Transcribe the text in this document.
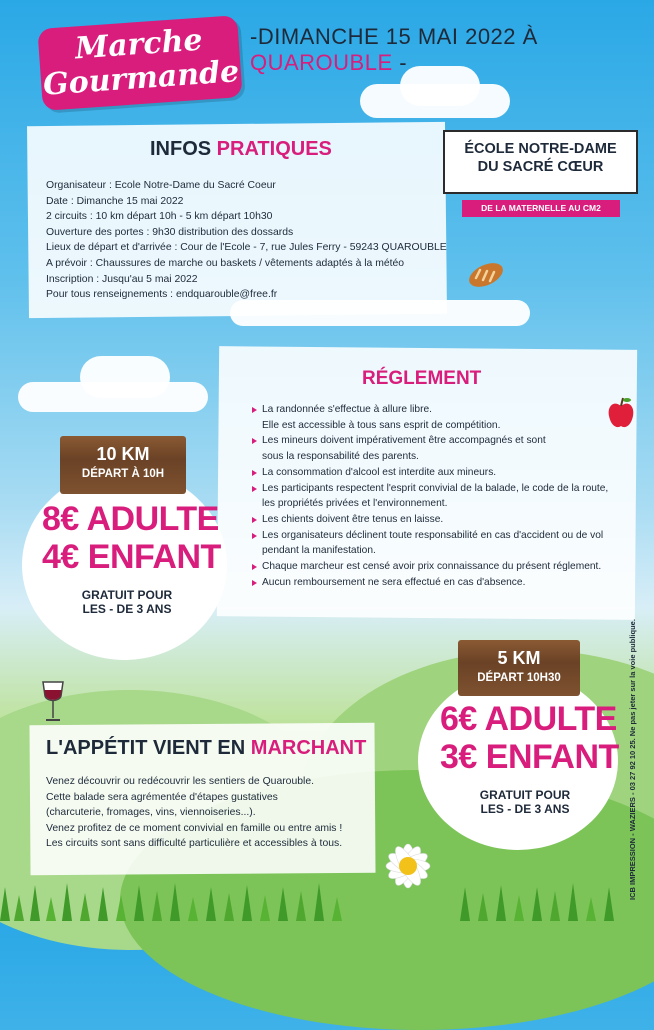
Marche
Gourmande
-DIMANCHE 15 MAI 2022 À QUAROUBLE -
INFOS PRATIQUES
Organisateur : Ecole Notre-Dame du Sacré Coeur
Date : Dimanche 15 mai 2022
2 circuits : 10 km départ 10h - 5 km départ 10h30
Ouverture des portes : 9h30 distribution des dossards
Lieux de départ et d'arrivée : Cour de l'Ecole - 7, rue Jules Ferry - 59243 QUAROUBLE
A prévoir : Chaussures de marche ou baskets / vêtements adaptés à la météo
Inscription : Jusqu'au 5 mai 2022
Pour tous renseignements : endquarouble@free.fr
ÉCOLE NOTRE-DAME
DU SACRÉ CŒUR
DE LA MATERNELLE AU CM2
RÉGLEMENT
La randonnée s'effectue à allure libre.
Elle est accessible à tous sans esprit de compétition.
Les mineurs doivent impérativement être accompagnés et sont
sous la responsabilité des parents.
La consommation d'alcool est interdite aux mineurs.
Les participants respectent l'esprit convivial de la balade, le code de la route,
les propriétés privées et l'environnement.
Les chients doivent être tenus en laisse.
Les organisateurs déclinent toute responsabilité en cas d'accident ou de vol
pendant la manifestation.
Chaque marcheur est censé avoir prix connaissance du présent réglement.
Aucun remboursement ne sera effectué en cas d'absence.
10 KM
DÉPART À 10H
8€ ADULTE
4€ ENFANT
GRATUIT POUR
LES - DE 3 ANS
L'APPÉTIT VIENT EN MARCHANT
Venez découvrir ou redécouvrir les sentiers de Quarouble.
Cette balade sera agrémentée d'étapes gustatives
(charcuterie, fromages, vins, viennoiseries...).
Venez profitez de ce moment convivial en famille ou entre amis !
Les circuits sont sans difficulté particulière et accessibles à tous.
5 KM
DÉPART 10H30
6€ ADULTE
3€ ENFANT
GRATUIT POUR
LES - DE 3 ANS	ICB IMPRESSION - WAZIERS - 03 27 92 10 25. Ne pas jeter sur la voie publique.
